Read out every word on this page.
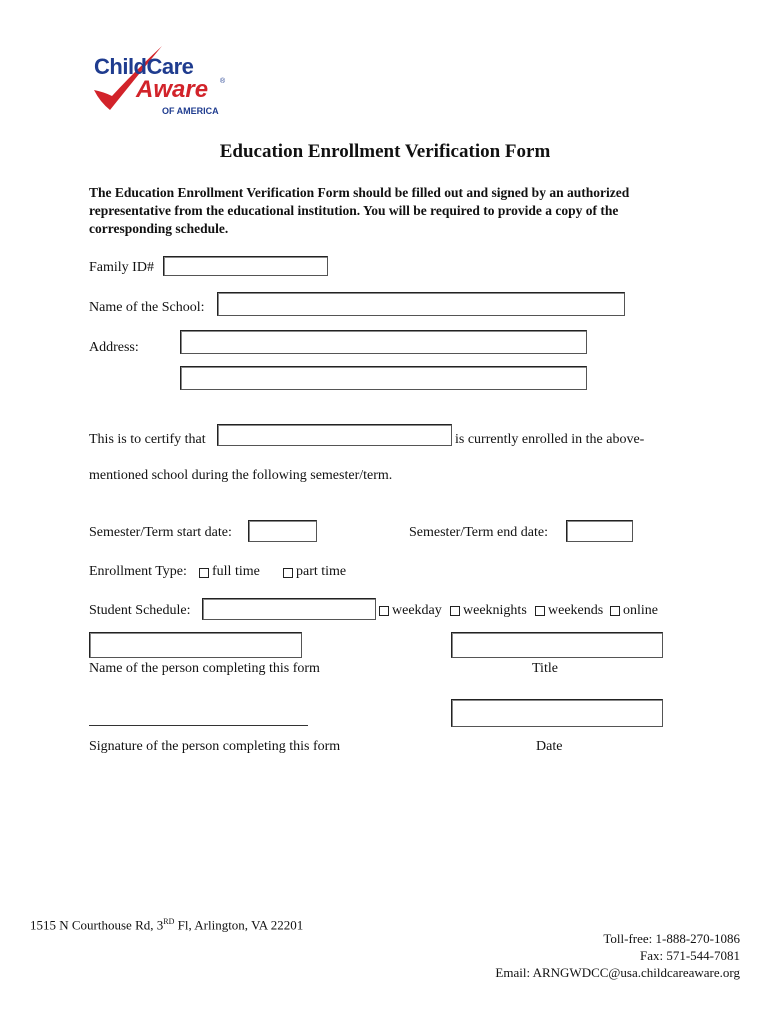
ChildCare
Aware ®
OF AMERICA
Education Enrollment Verification Form
The Education Enrollment Verification Form should be filled out and signed by an authorized representative from the educational institution. You will be required to provide a copy of the corresponding schedule.
Family ID#
Name of the School:
Address:
This is to certify that	is currently enrolled in the above-
mentioned school during the following semester/term.
Semester/Term start date:	Semester/Term end date:
Enrollment Type: full time	part time
Student Schedule:	weekday weeknights weekends online
Name of the person completing this form	Title
Signature of the person completing this form	Date
1515 N Courthouse Rd, 3RD Fl, Arlington, VA 22201
Toll-free: 1-888-270-1086
Fax: 571-544-7081
Email: ARNGWDCC@usa.childcareaware.org
